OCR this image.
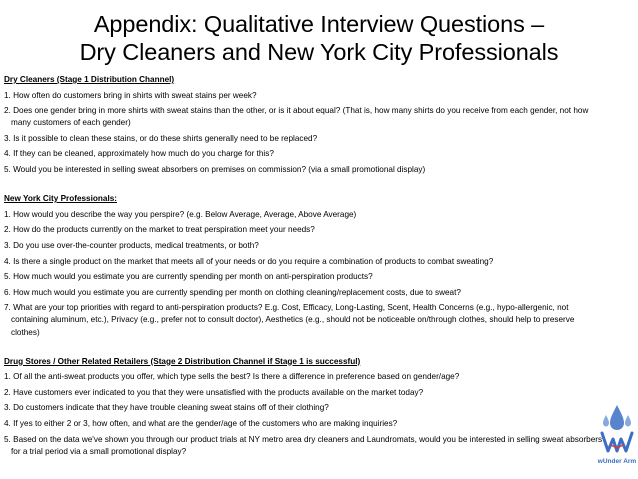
Appendix: Qualitative Interview Questions –
Dry Cleaners and New York City Professionals

Dry Cleaners (Stage 1 Distribution Channel)

1. How often do customers bring in shirts with sweat stains per week?

2. Does one gender bring in more shirts with sweat stains than the other, or is it about equal? (That is, how many shirts do you receive from each gender, not how many customers of each gender)

3. Is it possible to clean these stains, or do these shirts generally need to be replaced?

4. If they can be cleaned, approximately how much do you charge for this?

5. Would you be interested in selling sweat absorbers on premises on commission? (via a small promotional display)

New York City Professionals:

1. How would you describe the way you perspire? (e.g. Below Average, Average, Above Average)

2. How do the products currently on the market to treat perspiration meet your needs?

3. Do you use over-the-counter products, medical treatments, or both?

4. Is there a single product on the market that meets all of your needs or do you require a combination of products to combat sweating?

5. How much would you estimate you are currently spending per month on anti-perspiration products?

6. How much would you estimate you are currently spending per month on clothing cleaning/replacement costs, due to sweat?

7. What are your top priorities with regard to anti-perspiration products? E.g. Cost, Efficacy, Long-Lasting, Scent, Health Concerns (e.g., hypo-allergenic, not containing aluminum, etc.), Privacy (e.g., prefer not to consult doctor), Aesthetics (e.g., should not be noticeable on/through clothes, should help to preserve clothes)

Drug Stores / Other Related Retailers (Stage 2 Distribution Channel if Stage 1 is successful)

1. Of all the anti-sweat products you offer, which type sells the best? Is there a difference in preference based on gender/age?

2. Have customers ever indicated to you that they were unsatisfied with the products available on the market today?

3. Do customers indicate that they have trouble cleaning sweat stains off of their clothing?

4. If yes to either 2 or 3, how often, and what are the gender/age of the customers who are making inquiries?

5. Based on the data we've shown you through our product trials at NY metro area dry cleaners and Laundromats, would you be interested in selling sweat absorbers for a trial period via a small promotional display?

wUnder Arm
